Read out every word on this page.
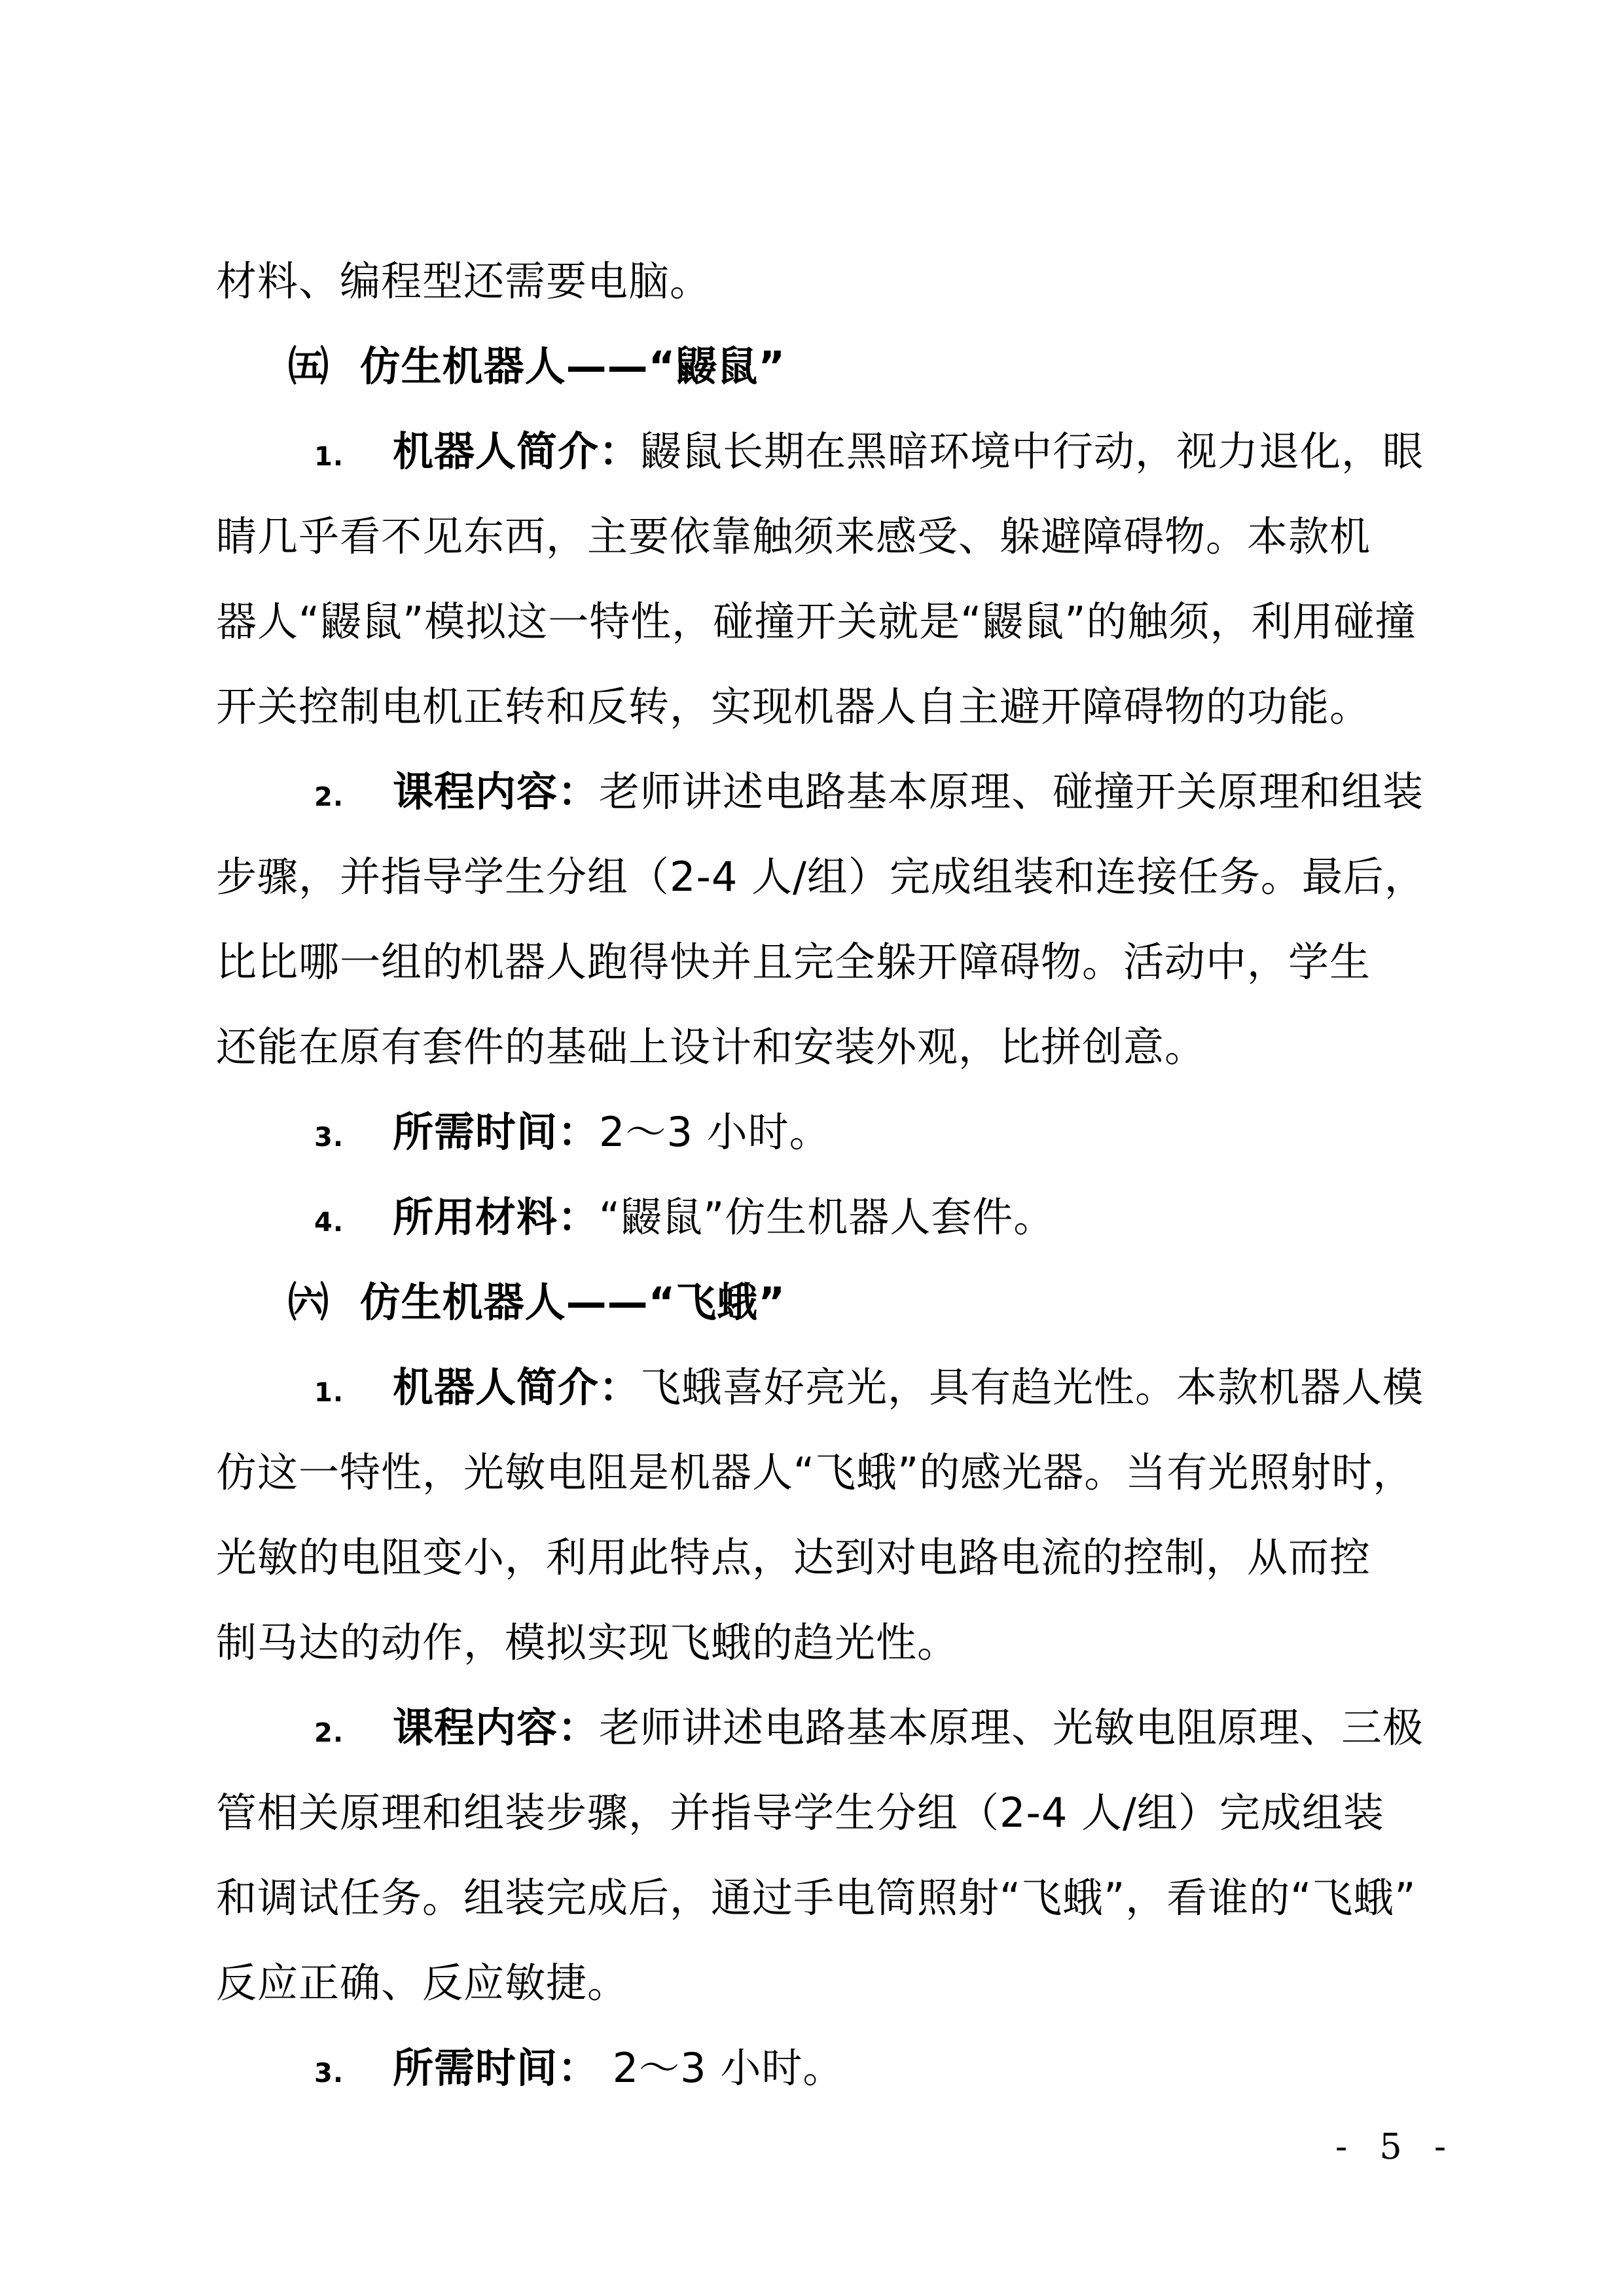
材料、编程型还需要电脑。
㈤ 仿生机器人——“鼹鼠”
1. 机器人简介：鼹鼠长期在黑暗环境中行动，视力退化，眼
睛几乎看不见东西，主要依靠触须来感受、躲避障碍物。本款机
器人“鼹鼠”模拟这一特性，碰撞开关就是“鼹鼠”的触须，利用碰撞
开关控制电机正转和反转，实现机器人自主避开障碍物的功能。
2. 课程内容：老师讲述电路基本原理、碰撞开关原理和组装
步骤，并指导学生分组（2-4 人/组）完成组装和连接任务。最后，
比比哪一组的机器人跑得快并且完全躲开障碍物。活动中，学生
还能在原有套件的基础上设计和安装外观，比拼创意。
3. 所需时间：2～3 小时。
4. 所用材料：“鼹鼠”仿生机器人套件。
㈥ 仿生机器人——“飞蛾”
1. 机器人简介：飞蛾喜好亮光，具有趋光性。本款机器人模
仿这一特性，光敏电阻是机器人“飞蛾”的感光器。当有光照射时，
光敏的电阻变小，利用此特点，达到对电路电流的控制，从而控
制马达的动作，模拟实现飞蛾的趋光性。
2. 课程内容：老师讲述电路基本原理、光敏电阻原理、三极
管相关原理和组装步骤，并指导学生分组（2-4 人/组）完成组装
和调试任务。组装完成后，通过手电筒照射“飞蛾”，看谁的“飞蛾”
反应正确、反应敏捷。
3. 所需时间： 2～3 小时。
- 5 -
